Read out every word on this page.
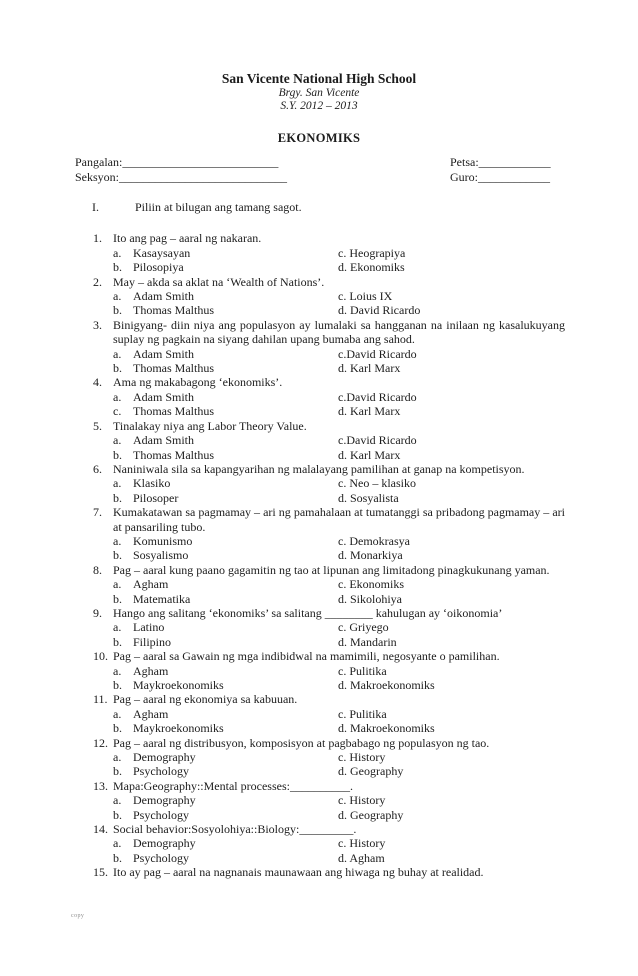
San Vicente National High School
Brgy. San Vicente
S.Y. 2012 – 2013
EKONOMIKS
Pangalan:__________________________	Petsa:____________
Seksyon:____________________________	Guro:____________
I.	Piliin at bilugan ang tamang sagot.
1. Ito ang pag – aaral ng nakaran.
a. Kasaysayan	c. Heograpiya
b. Pilosopiya	d. Ekonomiks
2. May – akda sa aklat na ‘Wealth of Nations’.
a. Adam Smith	c. Loius IX
b. Thomas Malthus	d. David Ricardo
3. Binigyang- diin niya ang populasyon ay lumalaki sa hangganan na inilaan ng kasalukuyang suplay ng pagkain na siyang dahilan upang bumaba ang sahod.
a. Adam Smith	c.David Ricardo
b. Thomas Malthus	d. Karl Marx
4. Ama ng makabagong ‘ekonomiks’.
a. Adam Smith	c.David Ricardo
c. Thomas Malthus	d. Karl Marx
5. Tinalakay niya ang Labor Theory Value.
a. Adam Smith	c.David Ricardo
b. Thomas Malthus	d. Karl Marx
6. Naniniwala sila sa kapangyarihan ng malalayang pamilihan at ganap na kompetisyon.
a. Klasiko	c. Neo – klasiko
b. Pilosoper	d. Sosyalista
7. Kumakatawan sa pagmamay – ari ng pamahalaan at tumatanggi sa pribadong pagmamay – ari at pansariling tubo.
a. Komunismo	c. Demokrasya
b. Sosyalismo	d. Monarkiya
8. Pag – aaral kung paano gagamitin ng tao at lipunan ang limitadong pinagkukunang yaman.
a. Agham	c. Ekonomiks
b. Matematika	d. Sikolohiya
9. Hango ang salitang ‘ekonomiks’ sa salitang ________ kahulugan ay ‘oikonomia’
a. Latino	c. Griyego
b. Filipino	d. Mandarin
10. Pag – aaral sa Gawain ng mga indibidwal na mamimili, negosyante o pamilihan.
a. Agham	c. Pulitika
b. Maykroekonomiks	d. Makroekonomiks
11. Pag – aaral ng ekonomiya sa kabuuan.
a. Agham	c. Pulitika
b. Maykroekonomiks	d. Makroekonomiks
12. Pag – aaral ng distribusyon, komposisyon at pagbabago ng populasyon ng tao.
a. Demography	c. History
b. Psychology	d. Geography
13. Mapa:Geography::Mental processes:__________.
a. Demography	c. History
b. Psychology	d. Geography
14. Social behavior:Sosyolohiya::Biology:_________.
a. Demography	c. History
b. Psychology	d. Agham
15. Ito ay pag – aaral na nagnanais maunawaan ang hiwaga ng buhay at realidad.
copy
